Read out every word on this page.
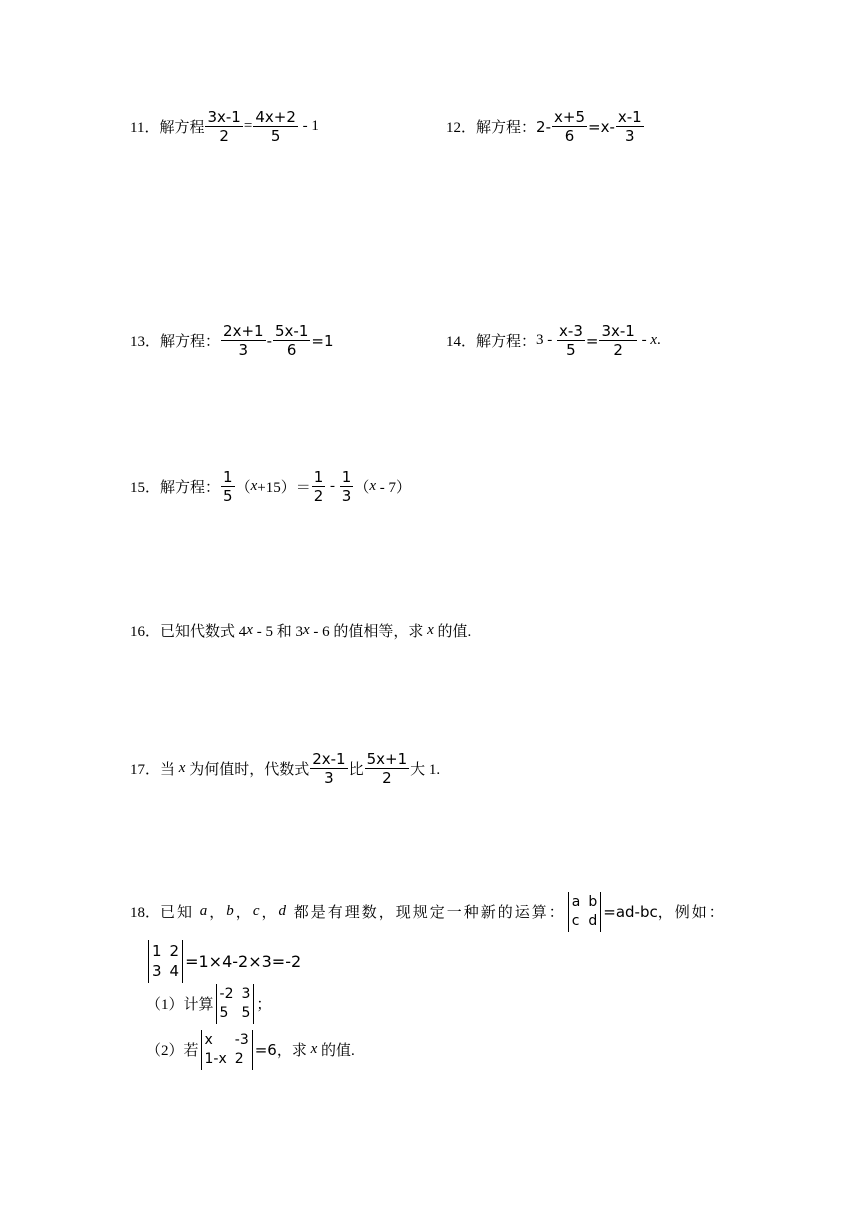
11． 解方程 $\frac{3x-1}{2} = \frac{4x+2}{5} - 1$	12． 解方程： $2- \frac{x+5}{6} =x- \frac{x-1}{3}$
13． 解方程： $\frac{2x+1}{3} - \frac{5x-1}{6} =1$	14． 解方程： $3 - \frac{x-3}{5} = \frac{3x-1}{2} - x$ .
15． 解方程： $\frac{1}{5}$ （ $x +15)= \frac{1}{2} - \frac{1}{3}$ （ x - 7）
16． 已知代数式 4 x - 5 和 3 x - 6 的值相等，求 x 的值.
17． 当 x 为何值时，代数式 $\frac{2x-1}{3}$ 比 $\frac{5x+1}{2}$ 大 1.
18． 已知 a ， b ， c ， d 都是有理数，现规定一种新的运算：
a b
c d =ad-bc ，例如：
1 2
3 4
=1×4-2×3=-2
（1）计算
-2 3
5 5 ；
（2）若
x	-3
1-x 2 =6 ，求 x 的值.
